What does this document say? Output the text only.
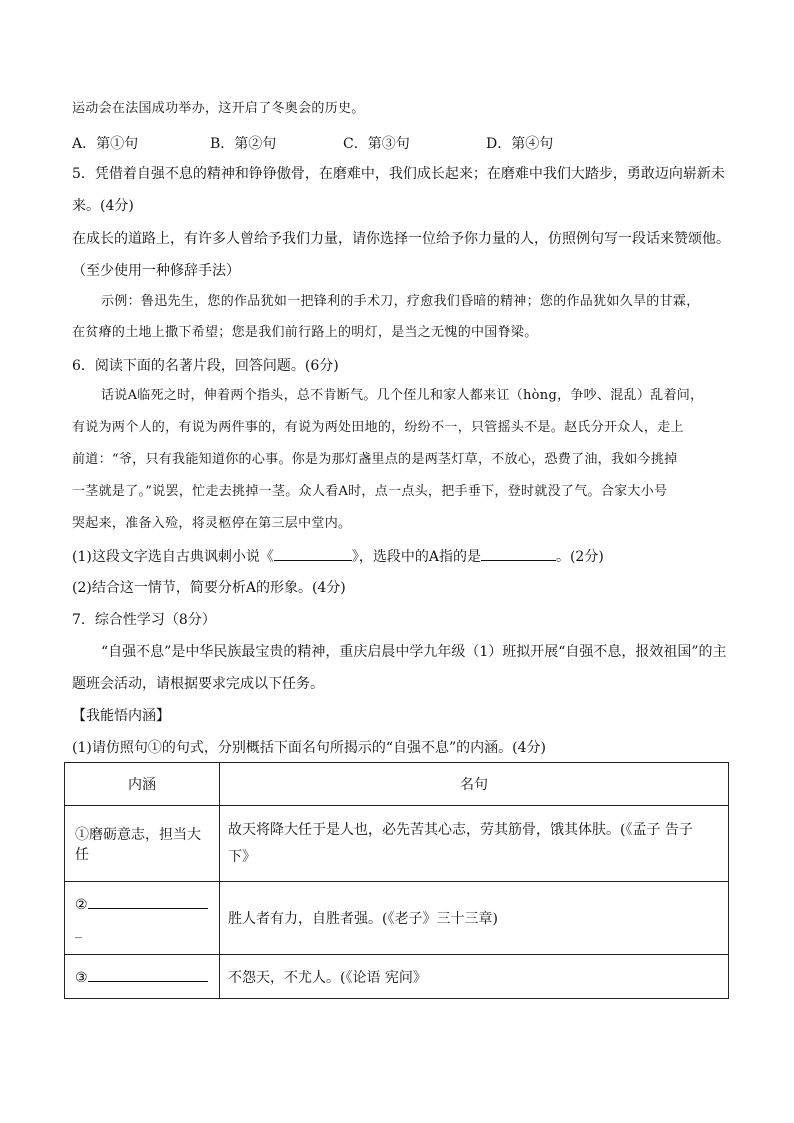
运动会在法国成功举办，这开启了冬奥会的历史。
A．第①句	B．第②句	C．第③句	D．第④句
5．凭借着自强不息的精神和铮铮傲骨，在磨难中，我们成长起来；在磨难中我们大踏步，勇敢迈向崭新未
来。(4分)
在成长的道路上，有许多人曾给予我们力量，请你选择一位给予你力量的人，仿照例句写一段话来赞颂他。
（至少使用一种修辞手法）
示例：鲁迅先生，您的作品犹如一把锋利的手术刀，疗愈我们昏暗的精神；您的作品犹如久旱的甘霖，
在贫瘠的土地上撒下希望；您是我们前行路上的明灯，是当之无愧的中国脊梁。
6．阅读下面的名著片段，回答问题。(6分)
话说A临死之时，伸着两个指头，总不肯断气。几个侄儿和家人都来讧（hòng，争吵、混乱）乱着问，
有说为两个人的，有说为两件事的，有说为两处田地的，纷纷不一，只管摇头不是。赵氏分开众人，走上
前道：“爷，只有我能知道你的心事。你是为那灯盏里点的是两茎灯草，不放心，恐费了油，我如今挑掉
一茎就是了。”说罢，忙走去挑掉一茎。众人看A时，点一点头，把手垂下，登时就没了气。合家大小号
哭起来，准备入殓，将灵柩停在第三层中堂内。
(1)这段文字选自古典讽刺小说《	》，选段中的A指的是	。(2分)
(2)结合这一情节，简要分析A的形象。(4分)
7．综合性学习（8分）
“自强不息”是中华民族最宝贵的精神，重庆启晨中学九年级（1）班拟开展“自强不息，报效祖国”的主
题班会活动，请根据要求完成以下任务。
【我能悟内涵】
(1)请仿照句①的句式，分别概括下面名句所揭示的“自强不息”的内涵。(4分)
内涵	名句
①磨砺意志，担当大任	故天将降大任于是人也，必先苦其心志，劳其筋骨，饿其体肤。(《孟子 告子
下》

②
_	胜人者有力，自胜者强。(《老子》三十三章)
③	不怨天，不尤人。(《论语 宪问》
